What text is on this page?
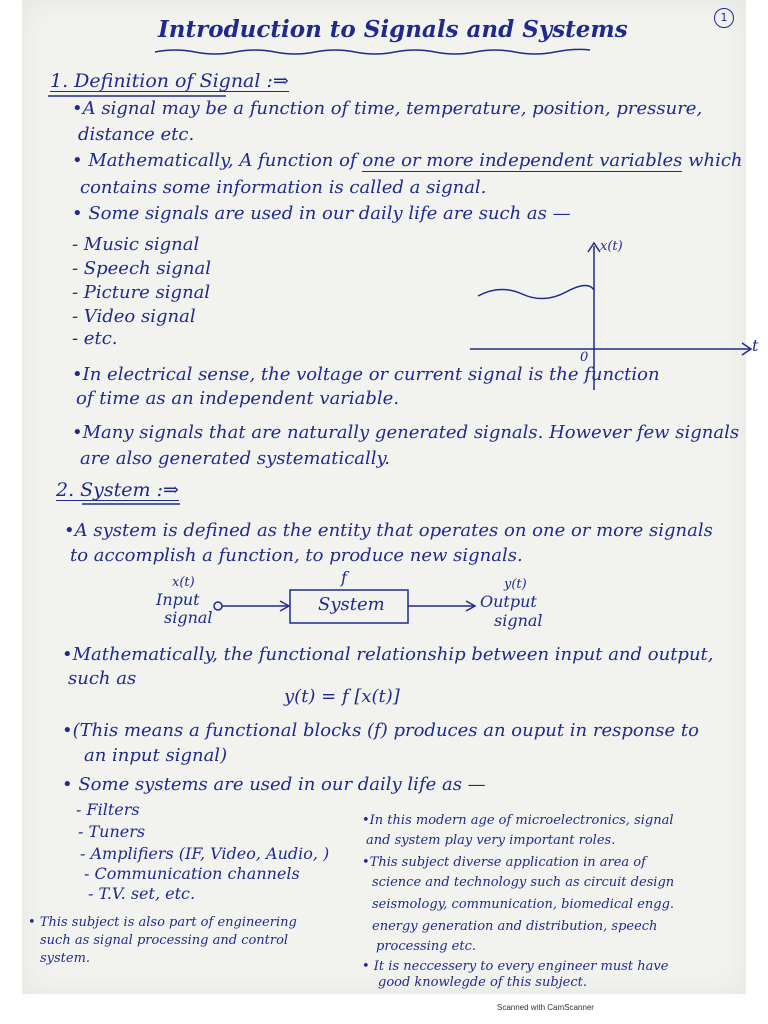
1
Introduction to Signals and Systems
1. Definition of Signal :⇒
•A signal may be a function of time, temperature, position, pressure,
distance etc.
• Mathematically, A function of one or more independent variables which
contains some information is called a signal.
• Some signals are used in our daily life are such as —
- Music signal
- Speech signal
- Picture signal
- Video signal
- etc.
x(t)
t
0
•In electrical sense, the voltage or current signal is the function
of time as an independent variable.
•Many signals that are naturally generated signals. However few signals
are also generated systematically.
2. System :⇒
•A system is defined as the entity that operates on one or more signals
to accomplish a function, to produce new signals.
x(t)
Input
signal
f
System
y(t)
Output
signal
•Mathematically, the functional relationship between input and output,
such as
y(t) = f [x(t)]
•(This means a functional blocks (f) produces an ouput in response to
an input signal)
• Some systems are used in our daily life as —
- Filters
- Tuners
- Amplifiers (IF, Video, Audio, )
- Communication channels
- T.V. set, etc.
• This subject is also part of engineering
such as signal processing and control
system.
•In this modern age of microelectronics, signal
and system play very important roles.
•This subject diverse application in area of
science and technology such as circuit design
seismology, communication, biomedical engg.
energy generation and distribution, speech
processing etc.
• It is neccessery to every engineer must have
good knowlegde of this subject.
Scanned with CamScanner
